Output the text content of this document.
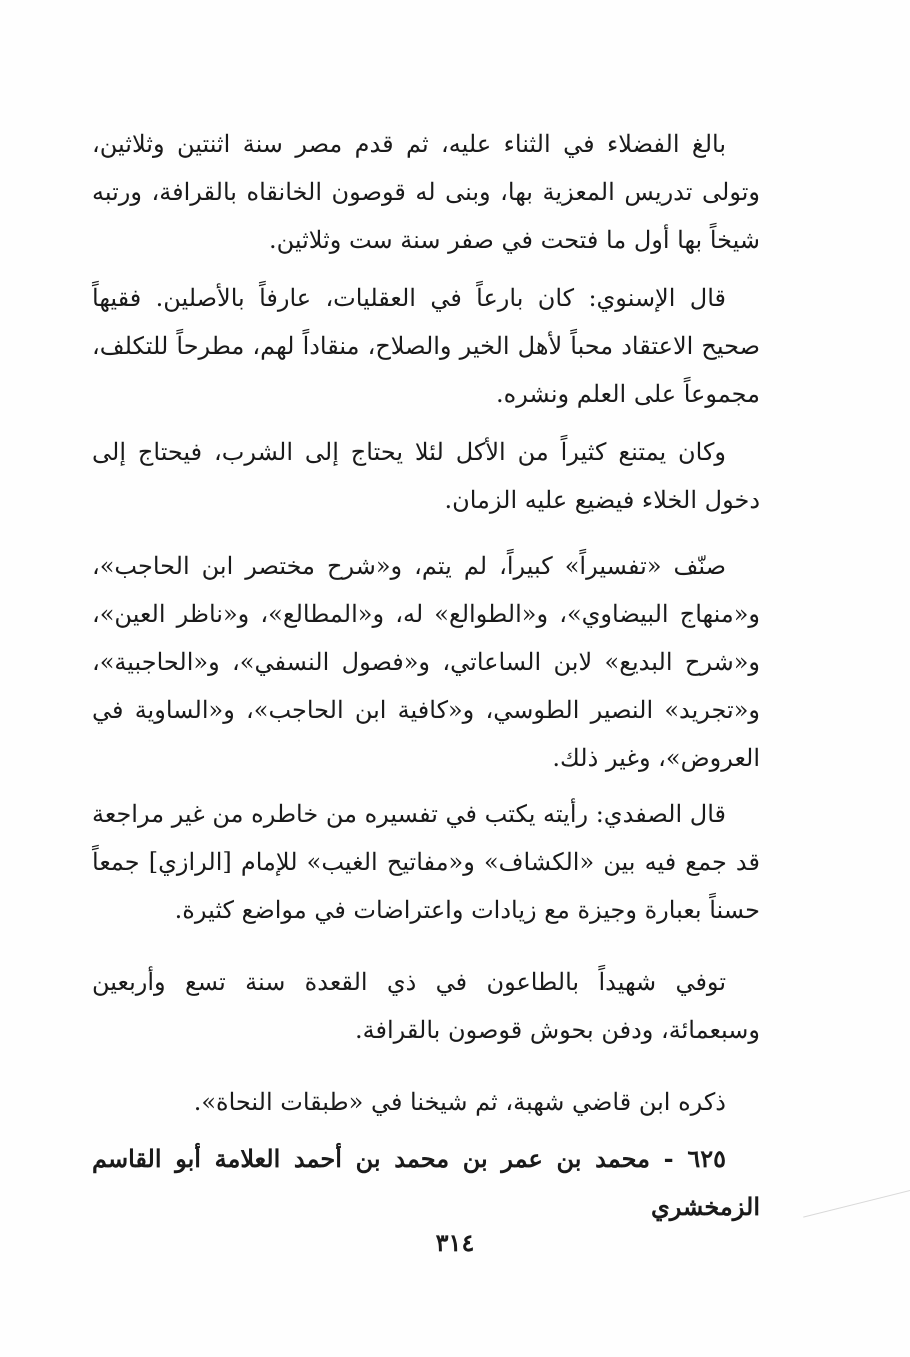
بالغ الفضلاء في الثناء عليه، ثم قدم مصر سنة اثنتين وثلاثين، وتولى تدريس المعزية بها، وبنى له قوصون الخانقاه بالقرافة، ورتبه شيخاً بها أول ما فتحت في صفر سنة ست وثلاثين.

قال الإسنوي: كان بارعاً في العقليات، عارفاً بالأصلين. فقيهاً صحيح الاعتقاد محباً لأهل الخير والصلاح، منقاداً لهم، مطرحاً للتكلف، مجموعاً على العلم ونشره.

وكان يمتنع كثيراً من الأكل لئلا يحتاج إلى الشرب، فيحتاج إلى دخول الخلاء فيضيع عليه الزمان.

صنّف «تفسيراً» كبيراً، لم يتم، و«شرح مختصر ابن الحاجب»، و«منهاج البيضاوي»، و«الطوالع» له، و«المطالع»، و«ناظر العين»، و«شرح البديع» لابن الساعاتي، و«فصول النسفي»، و«الحاجبية»، و«تجريد» النصير الطوسي، و«كافية ابن الحاجب»، و«الساوية في العروض»، وغير ذلك.

قال الصفدي: رأيته يكتب في تفسيره من خاطره من غير مراجعة قد جمع فيه بين «الكشاف» و«مفاتيح الغيب» للإمام [الرازي] جمعاً حسناً بعبارة وجيزة مع زيادات واعتراضات في مواضع كثيرة.

توفي شهيداً بالطاعون في ذي القعدة سنة تسع وأربعين وسبعمائة، ودفن بحوش قوصون بالقرافة.

ذكره ابن قاضي شهبة، ثم شيخنا في «طبقات النحاة».

٦٢٥ - محمد بن عمر بن محمد بن أحمد العلامة أبو القاسم الزمخشري

٣١٤
